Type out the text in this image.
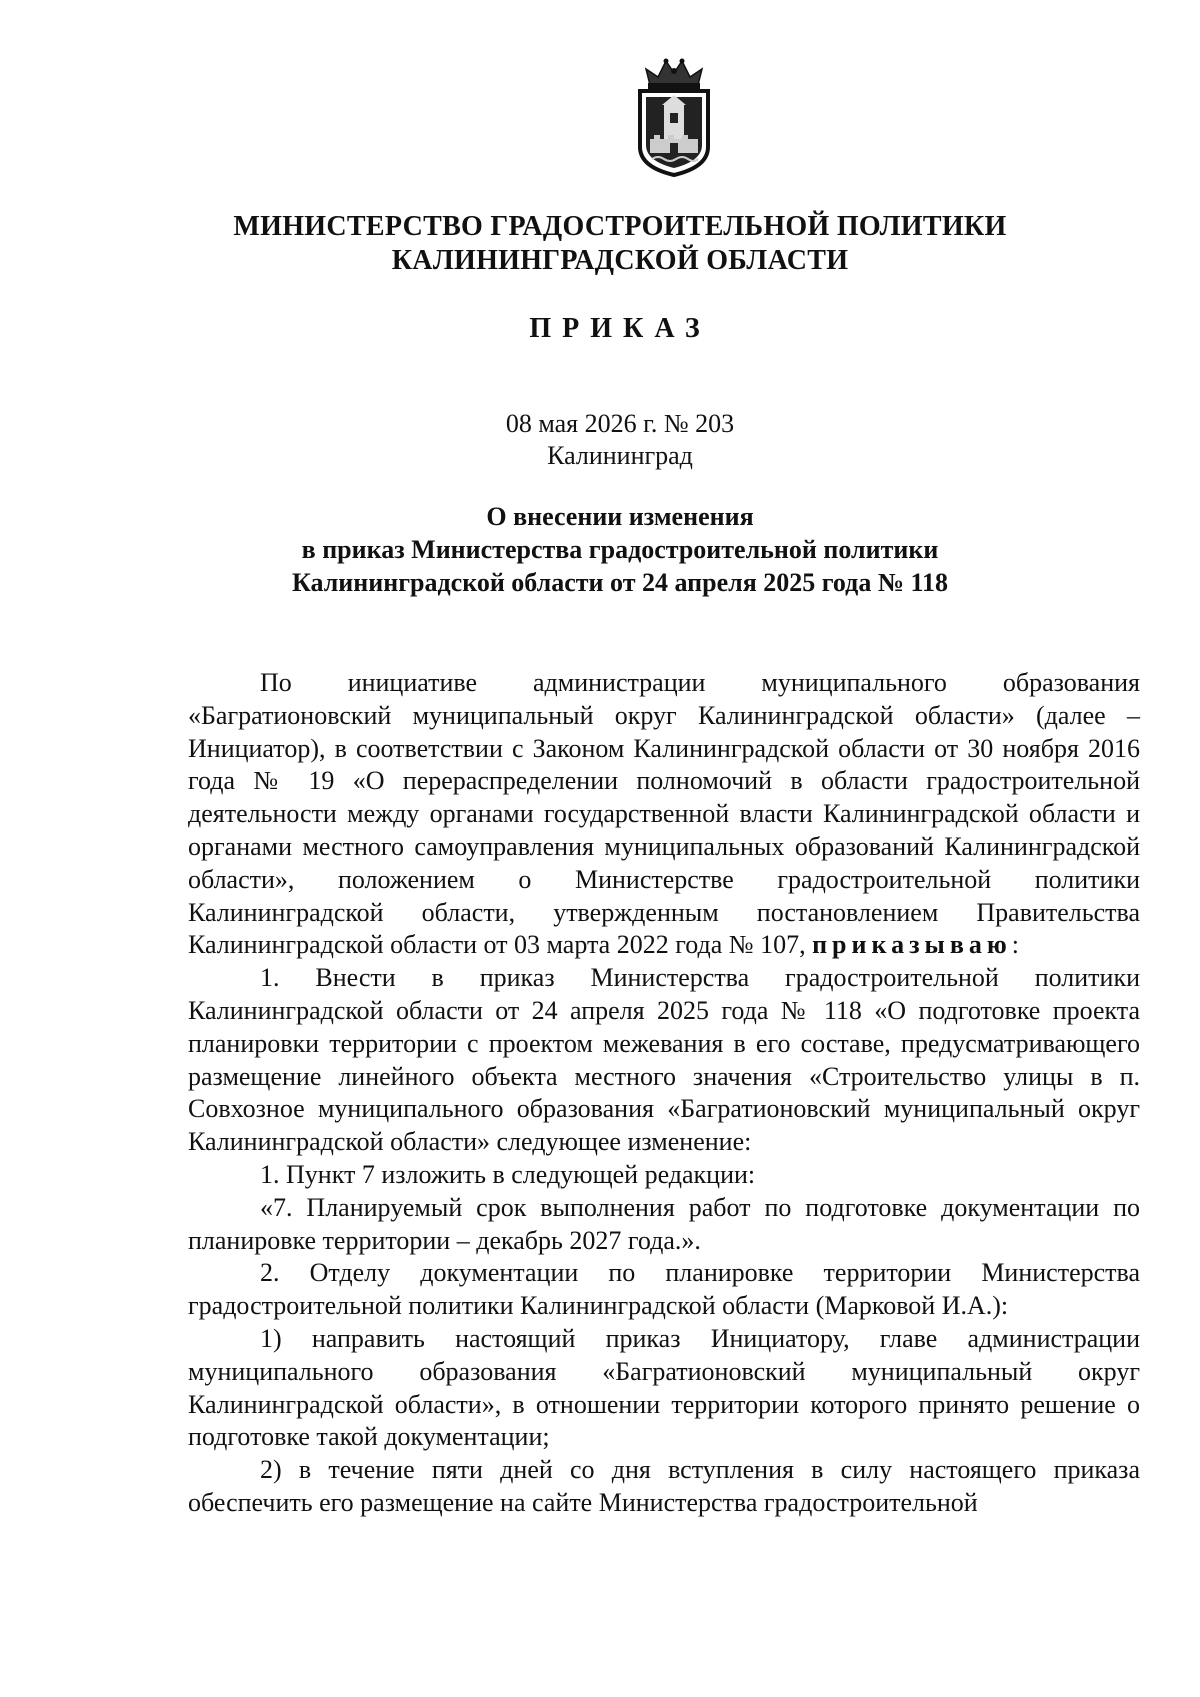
МИНИСТЕРСТВО ГРАДОСТРОИТЕЛЬНОЙ ПОЛИТИКИ
КАЛИНИНГРАДСКОЙ ОБЛАСТИ
ПРИКАЗ
08 мая 2026 г. № 203
Калининград
О внесении изменения
в приказ Министерства градостроительной политики
Калининградской области от 24 апреля 2025 года № 118

По инициативе администрации муниципального образования «Багратионовский муниципальный округ Калининградской области» (далее – Инициатор), в соответствии с Законом Калининградской области от 30 ноября 2016 года № 19 «О перераспределении полномочий в области градостроительной деятельности между органами государственной власти Калининградской области и органами местного самоуправления муниципальных образований Калининградской области», положением о Министерстве градостроительной политики Калининградской области, утвержденным постановлением Правительства Калининградской области от 03 марта 2022 года № 107, приказываю:

1. Внести в приказ Министерства градостроительной политики Калининградской области от 24 апреля 2025 года № 118 «О подготовке проекта планировки территории с проектом межевания в его составе, предусматривающего размещение линейного объекта местного значения «Строительство улицы в п. Совхозное муниципального образования «Багратионовский муниципальный округ Калининградской области» следующее изменение:

1. Пункт 7 изложить в следующей редакции:

«7. Планируемый срок выполнения работ по подготовке документации по планировке территории – декабрь 2027 года.».

2. Отделу документации по планировке территории Министерства градостроительной политики Калининградской области (Марковой И.А.):

1) направить настоящий приказ Инициатору, главе администрации муниципального образования «Багратионовский муниципальный округ Калининградской области», в отношении территории которого принято решение о подготовке такой документации;

2) в течение пяти дней со дня вступления в силу настоящего приказа обеспечить его размещение на сайте Министерства градостроительной
